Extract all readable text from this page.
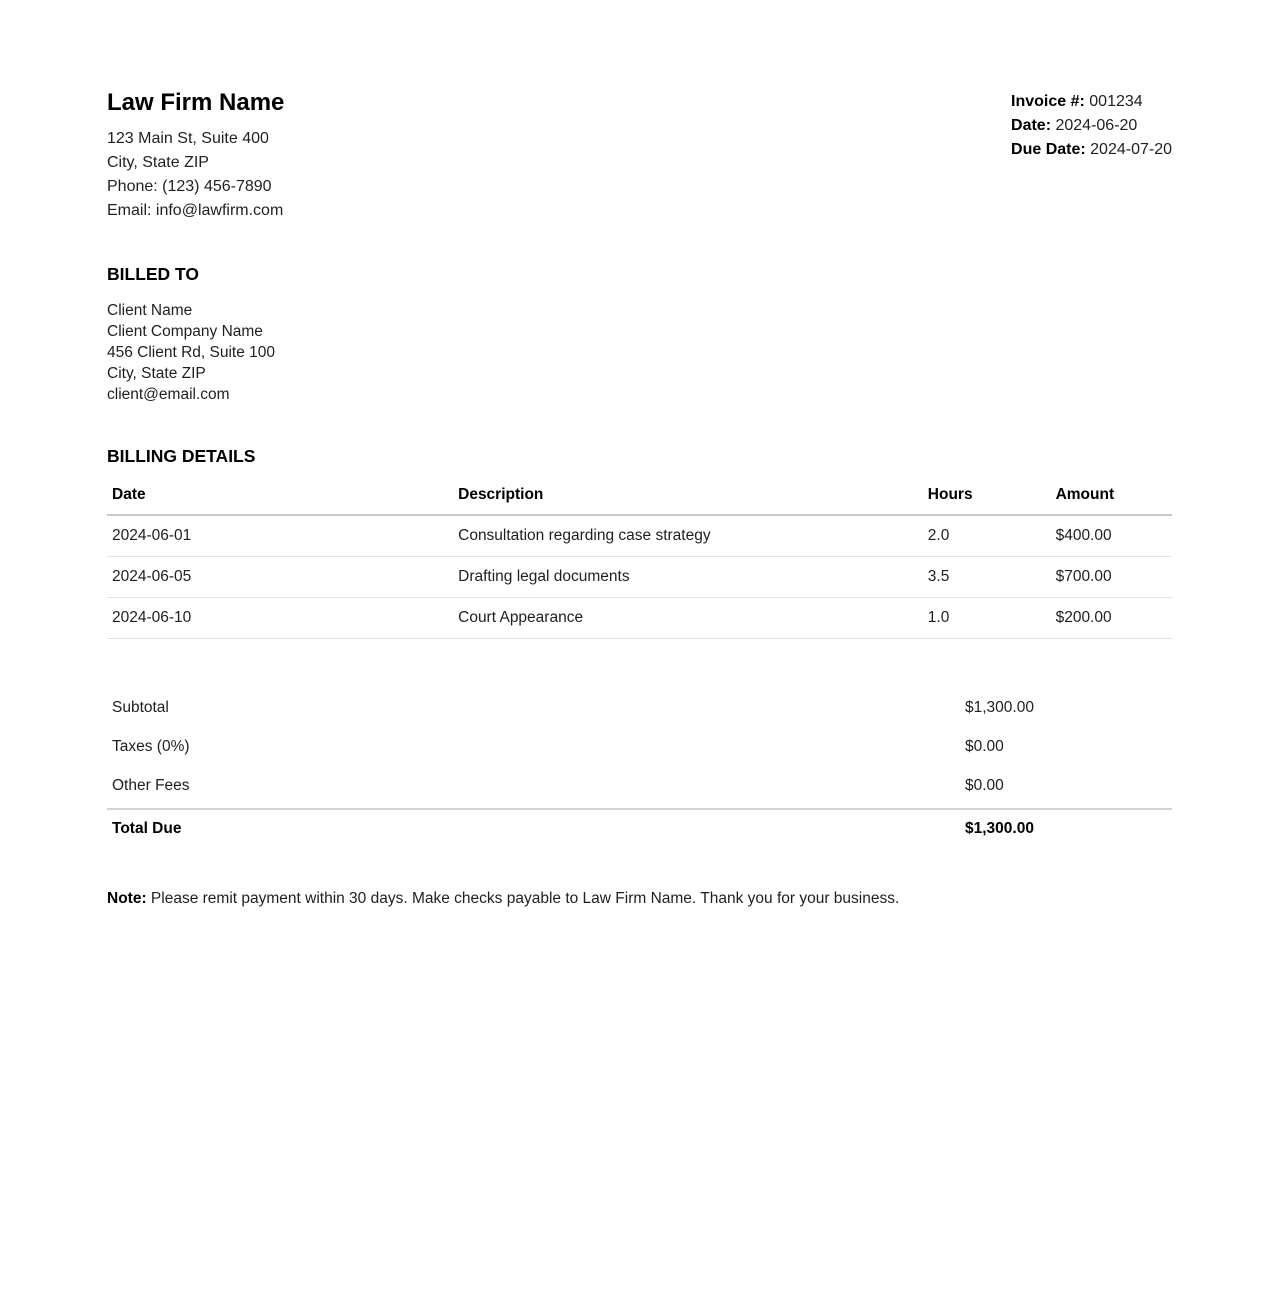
Law Firm Name
123 Main St, Suite 400
City, State ZIP
Phone: (123) 456-7890
Email: info@lawfirm.com
Invoice #: 001234
Date: 2024-06-20
Due Date: 2024-07-20
BILLED TO
Client Name
Client Company Name
456 Client Rd, Suite 100
City, State ZIP
client@email.com
BILLING DETAILS
Date	Description	Hours	Amount
2024-06-01	Consultation regarding case strategy	2.0	$400.00
2024-06-05	Drafting legal documents	3.5	$700.00
2024-06-10	Court Appearance	1.0	$200.00
Subtotal	$1,300.00
Taxes (0%)	$0.00
Other Fees	$0.00
Total Due	$1,300.00
Note: Please remit payment within 30 days. Make checks payable to Law Firm Name. Thank you for your business.
